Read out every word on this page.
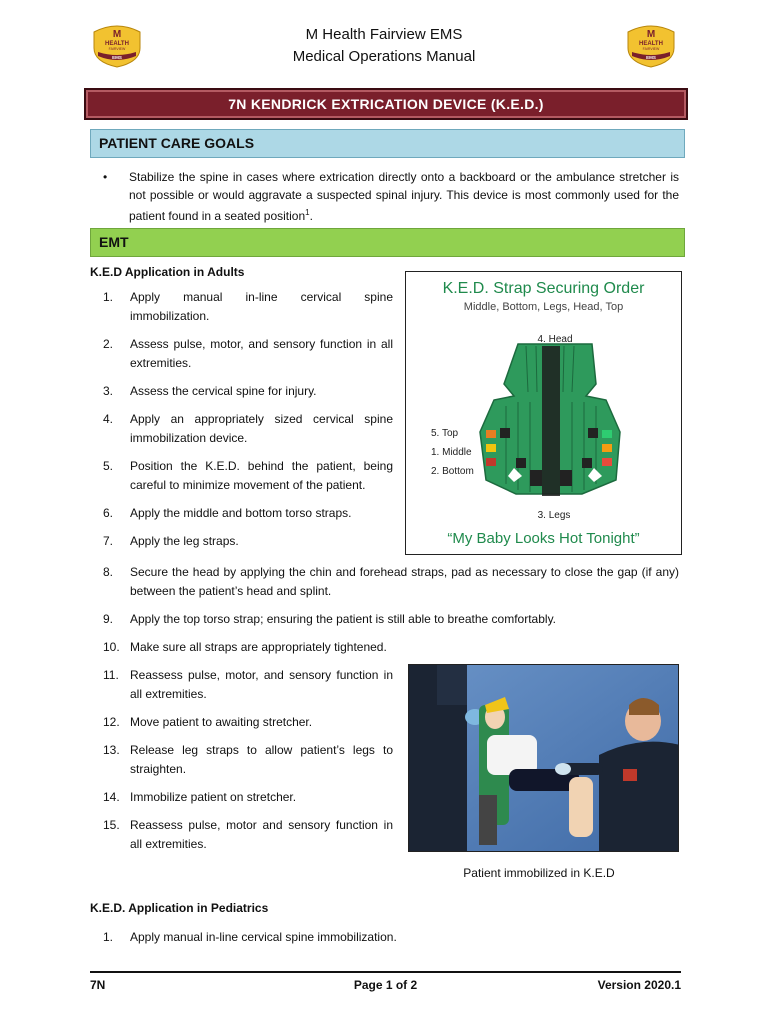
M
HEALTH
FAIRVIEW
EMS
M Health Fairview EMS
Medical Operations Manual
M
HEALTH
FAIRVIEW
EMS
7N KENDRICK EXTRICATION DEVICE (K.E.D.)
PATIENT CARE GOALS
• Stabilize the spine in cases where extrication directly onto a backboard or the ambulance stretcher is not possible or would aggravate a suspected spinal injury. This device is most commonly used for the patient found in a seated position$^1$.

EMT
K.E.D Application in Adults
1.	Apply manual in-line cervical spine immobilization.
2.	Assess pulse, motor, and sensory function in all extremities.
3.	Assess the cervical spine for injury.
4.	Apply an appropriately sized cervical spine immobilization device.
5.	Position the K.E.D. behind the patient, being careful to minimize movement of the patient.
6.	Apply the middle and bottom torso straps.
7.	Apply the leg straps.
8.	Secure the head by applying the chin and forehead straps, pad as necessary to close the gap (if any) between the patient’s head and splint.
9.	Apply the top torso strap; ensuring the patient is still able to breathe comfortably.
10. Make sure all straps are appropriately tightened.
11. Reassess pulse, motor, and sensory function in all extremities.
12. Move patient to awaiting stretcher.
13. Release leg straps to allow patient’s legs to straighten.
14. Immobilize patient on stretcher.
15. Reassess pulse, motor and sensory function in all extremities.
K.E.D. Application in Pediatrics
1.	Apply manual in-line cervical spine immobilization.
K.E.D. Strap Securing Order
Middle, Bottom, Legs, Head, Top
4. Head
5. Top
1. Middle
2. Bottom
3. Legs
“My Baby Looks Hot Tonight”
Patient immobilized in K.E.D
7N	Page 1 of 2	Version 2020.1
